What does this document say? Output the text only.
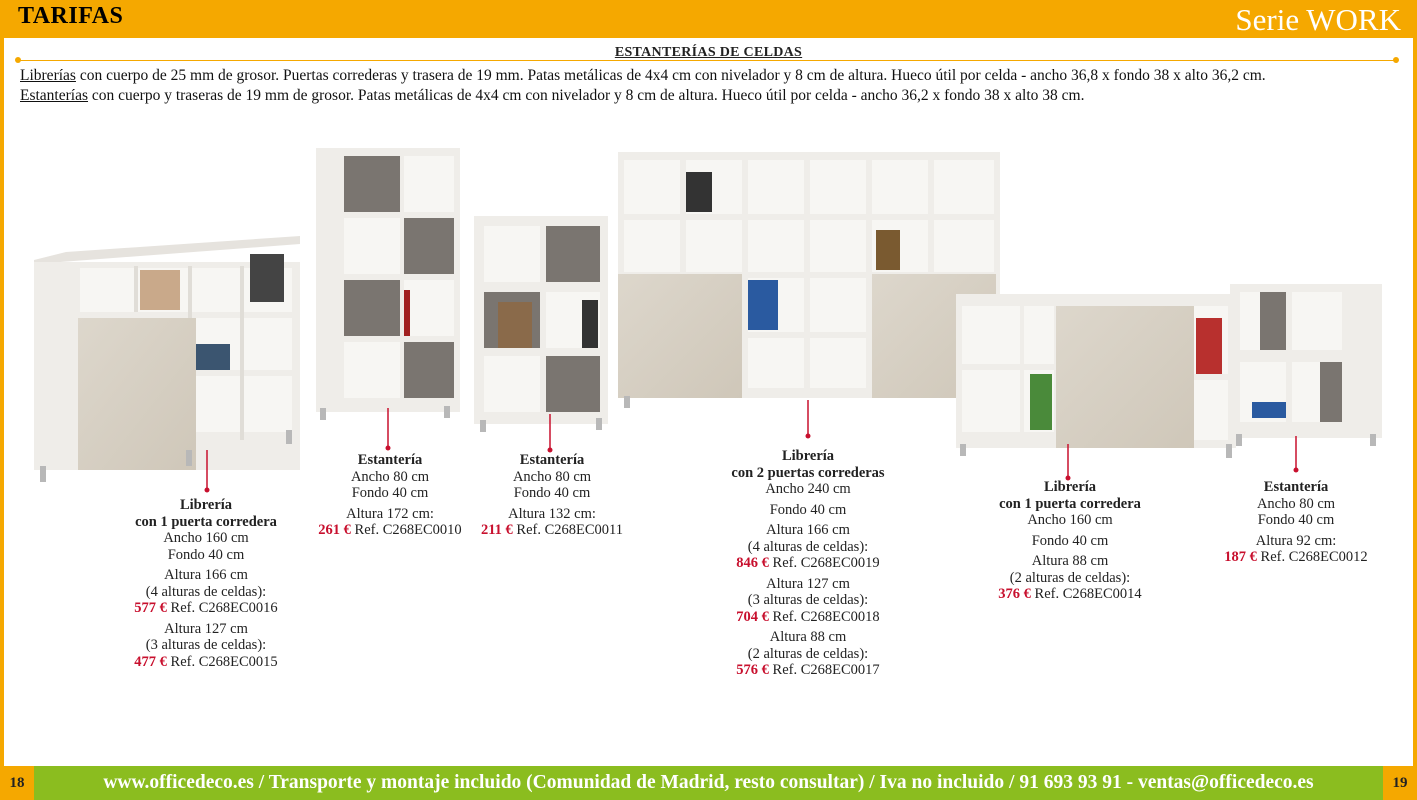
TARIFAS	Serie WORK
ESTANTERÍAS DE CELDAS
Librerías con cuerpo de 25 mm de grosor. Puertas correderas y trasera de 19 mm. Patas metálicas de 4x4 cm con nivelador y 8 cm de altura. Hueco útil por celda - ancho 36,8 x fondo 38 x alto 36,2 cm.
Estanterías con cuerpo y traseras de 19 mm de grosor. Patas metálicas de 4x4 cm con nivelador y 8 cm de altura. Hueco útil por celda - ancho 36,2 x fondo 38 x alto 38 cm.
Librería
con 1 puerta corredera
Ancho 160 cm
Fondo 40 cm
Altura 166 cm
(4 alturas de celdas):
577 € Ref. C268EC0016
Altura 127 cm
(3 alturas de celdas):
477 € Ref. C268EC0015
Estantería
Ancho 80 cm
Fondo 40 cm
Altura 172 cm:
261 € Ref. C268EC0010
Estantería
Ancho 80 cm
Fondo 40 cm
Altura 132 cm:
211 € Ref. C268EC0011
Librería
con 2 puertas correderas
Ancho 240 cm
Fondo 40 cm
Altura 166 cm
(4 alturas de celdas):
846 € Ref. C268EC0019
Altura 127 cm
(3 alturas de celdas):
704 € Ref. C268EC0018
Altura 88 cm
(2 alturas de celdas):
576 € Ref. C268EC0017
Librería
con 1 puerta corredera
Ancho 160 cm
Fondo 40 cm
Altura 88 cm
(2 alturas de celdas):
376 € Ref. C268EC0014
Estantería
Ancho 80 cm
Fondo 40 cm
Altura 92 cm:
187 € Ref. C268EC0012
18	19
www.officedeco.es / Transporte y montaje incluido (Comunidad de Madrid, resto consultar) / Iva no incluido / 91 693 93 91 - ventas@officedeco.es
